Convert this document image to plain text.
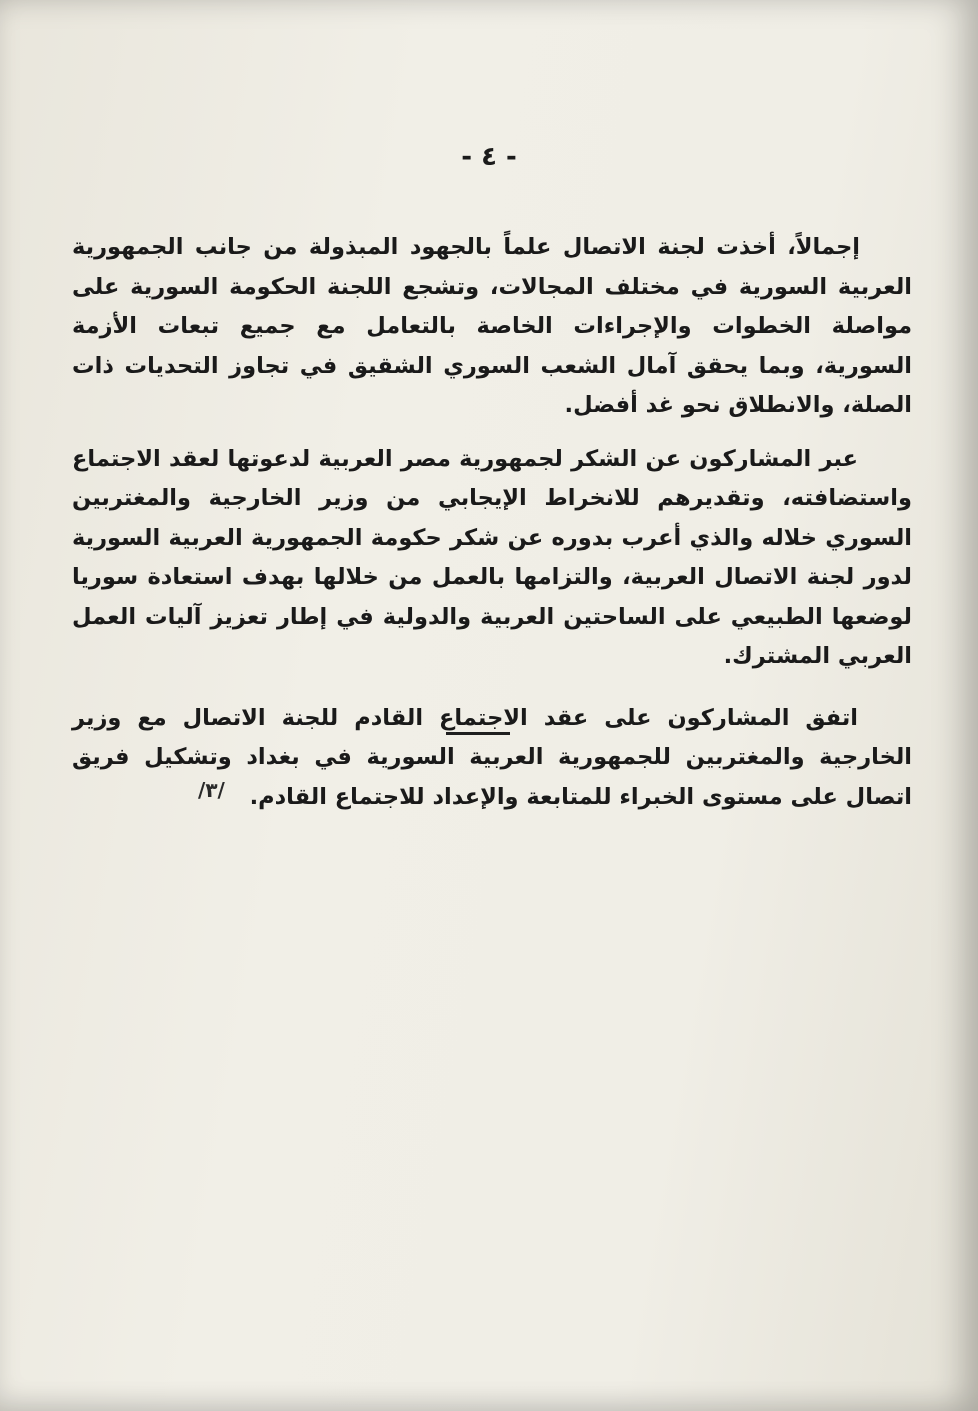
- ٤ -

إجمالاً، أخذت لجنة الاتصال علماً بالجهود المبذولة من جانب الجمهورية العربية السورية في مختلف المجالات، وتشجع اللجنة الحكومة السورية على مواصلة الخطوات والإجراءات الخاصة بالتعامل مع جميع تبعات الأزمة السورية، وبما يحقق آمال الشعب السوري الشقيق في تجاوز التحديات ذات الصلة، والانطلاق نحو غد أفضل.

عبر المشاركون عن الشكر لجمهورية مصر العربية لدعوتها لعقد الاجتماع واستضافته، وتقديرهم للانخراط الإيجابي من وزير الخارجية والمغتربين السوري خلاله والذي أعرب بدوره عن شكر حكومة الجمهورية العربية السورية لدور لجنة الاتصال العربية، والتزامها بالعمل من خلالها بهدف استعادة سوريا لوضعها الطبيعي على الساحتين العربية والدولية في إطار تعزيز آليات العمل العربي المشترك.

اتفق المشاركون على عقد الاجتماع القادم للجنة الاتصال مع وزير الخارجية والمغتربين للجمهورية العربية السورية في بغداد وتشكيل فريق اتصال على مستوى الخبراء للمتابعة والإعداد للاجتماع القادم.

/٣/
